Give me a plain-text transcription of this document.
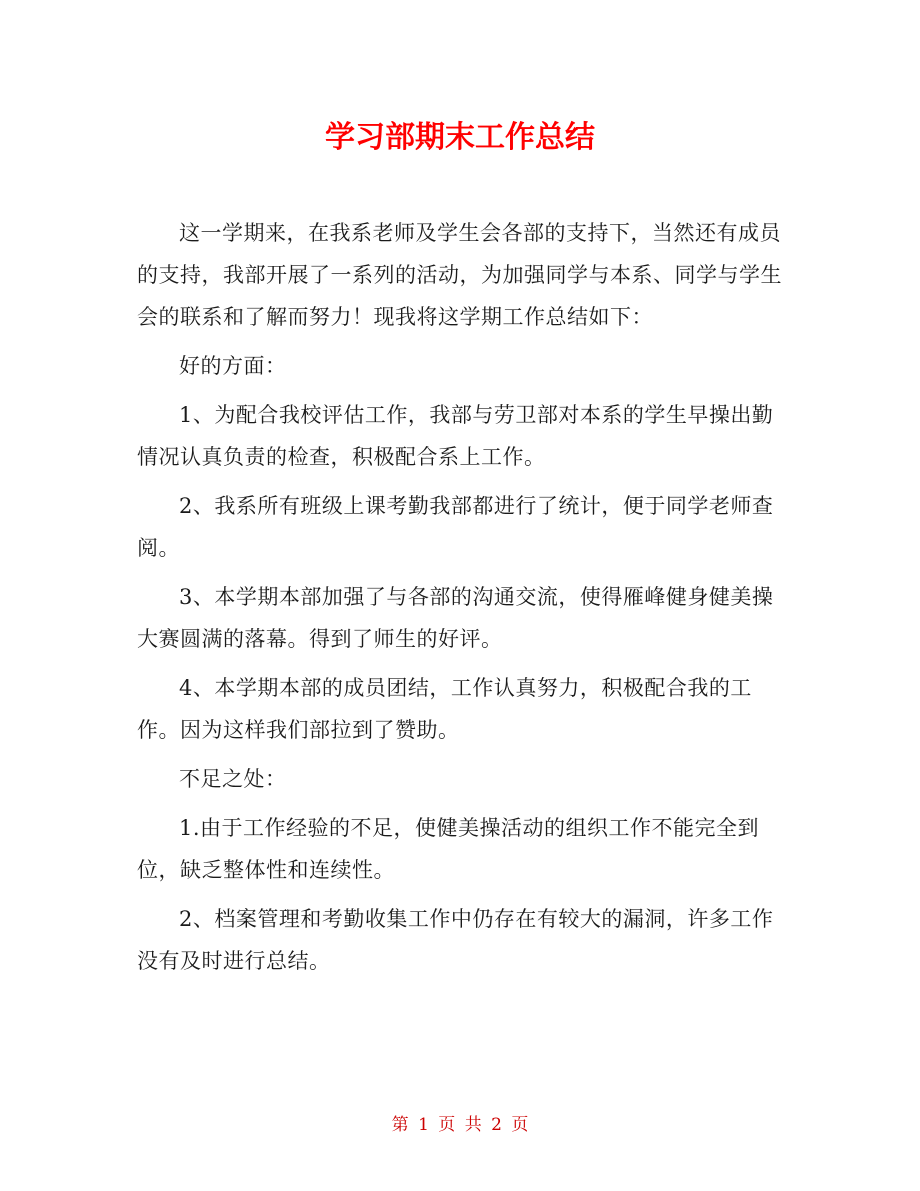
学习部期末工作总结

这一学期来，在我系老师及学生会各部的支持下，当然还有成员的支持，我部开展了一系列的活动，为加强同学与本系、同学与学生会的联系和了解而努力！现我将这学期工作总结如下：

好的方面：

1、为配合我校评估工作，我部与劳卫部对本系的学生早操出勤情况认真负责的检查，积极配合系上工作。

2、我系所有班级上课考勤我部都进行了统计，便于同学老师查阅。

3、本学期本部加强了与各部的沟通交流，使得雁峰健身健美操大赛圆满的落幕。得到了师生的好评。

4、本学期本部的成员团结，工作认真努力，积极配合我的工作。因为这样我们部拉到了赞助。

不足之处：

1.由于工作经验的不足，使健美操活动的组织工作不能完全到位，缺乏整体性和连续性。

2、档案管理和考勤收集工作中仍存在有较大的漏洞，许多工作没有及时进行总结。

第 1 页 共 2 页
